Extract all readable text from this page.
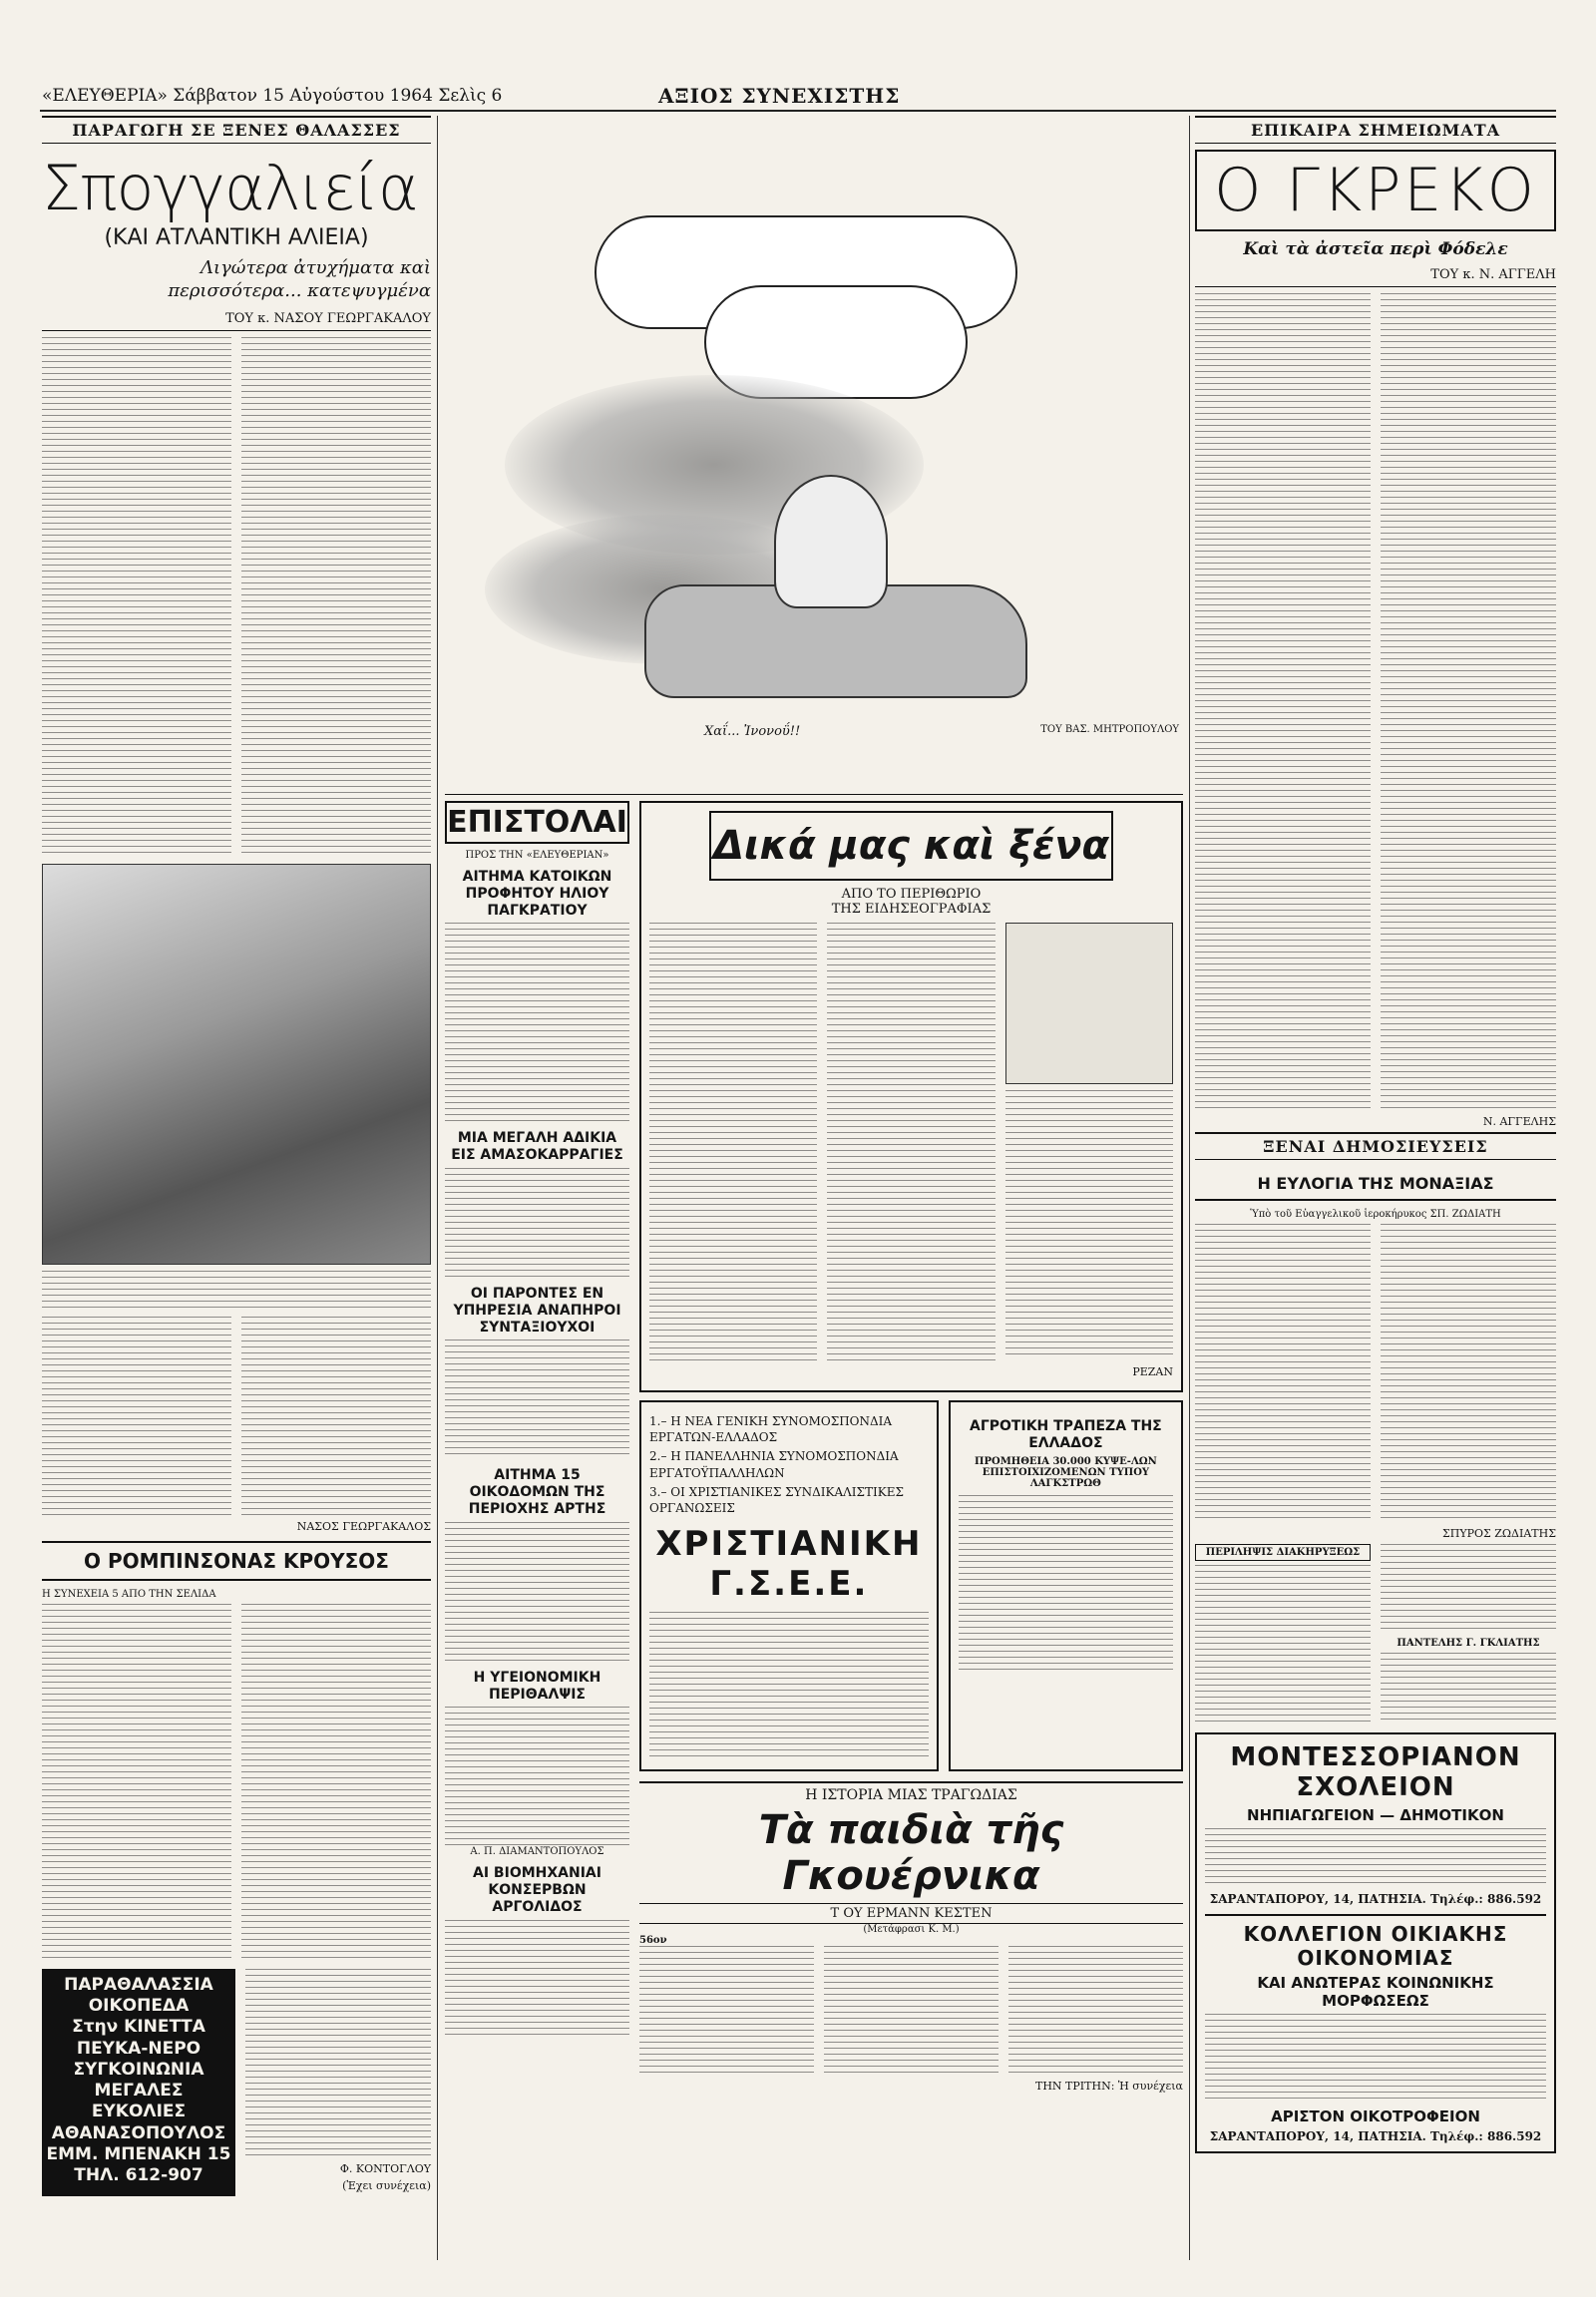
«ΕΛΕΥΘΕΡΙΑ» Σάββατον 15 Αὐγούστου 1964 Σελὶς 6	ΑΞΙΟΣ ΣΥΝΕΧΙΣΤΗΣ
ΠΑΡΑΓΩΓΗ ΣΕ ΞΕΝΕΣ ΘΑΛΑΣΣΕΣ
Σπογγαλιεία
(ΚΑΙ ΑΤΛΑΝΤΙΚΗ ΑΛΙΕΙΑ)
Λιγώτερα ἀτυχήματα καὶ περισσότερα... κατεψυγμένα
ΤΟΥ κ. ΝΑΣΟΥ ΓΕΩΡΓΑΚΑΛΟΥ
ΝΑΣΟΣ ΓΕΩΡΓΑΚΑΛΟΣ
Ο ΡΟΜΠΙΝΣΟΝΑΣ ΚΡΟΥΣΟΣ
Η ΣΥΝΕΧΕΙΑ 5 ΑΠΟ ΤΗΝ ΣΕΛΙΔΑ
ΠΑΡΑΘΑΛΑΣΣΙΑ
ΟΙΚΟΠΕΔΑ
Στην ΚΙΝΕΤΤΑ
ΠΕΥΚΑ-ΝΕΡΟ
ΣΥΓΚΟΙΝΩΝΙΑ
ΜΕΓΑΛΕΣ ΕΥΚΟΛΙΕΣ
ΑΘΑΝΑΣΟΠΟΥΛΟΣ
ΕΜΜ. ΜΠΕΝΑΚΗ 15
ΤΗΛ. 612-907	Φ. ΚΟΝΤΟΓΛΟΥ
(Ἐχει συνέχεια)
Χαΐ... Ἰνονοΰ!!	ΤΟΥ ΒΑΣ. ΜΗΤΡΟΠΟΥΛΟΥ
ΕΠΙΣΤΟΛΑΙ
ΠΡΟΣ ΤΗΝ «ΕΛΕΥΘΕΡΙΑΝ»
ΑΙΤΗΜΑ ΚΑΤΟΙΚΩΝ ΠΡΟΦΗΤΟΥ ΗΛΙΟΥ ΠΑΓΚΡΑΤΙΟΥ
ΜΙΑ ΜΕΓΑΛΗ ΑΔΙΚΙΑ ΕΙΣ ΑΜΑΣΟΚΑΡΡΑΓΙΕΣ
ΟΙ ΠΑΡΟΝΤΕΣ ΕΝ ΥΠΗΡΕΣΙΑ ΑΝΑΠΗΡΟΙ ΣΥΝΤΑΞΙΟΥΧΟΙ
ΑΙΤΗΜΑ 15 ΟΙΚΟΔΟΜΩΝ ΤΗΣ ΠΕΡΙΟΧΗΣ ΑΡΤΗΣ
Η ΥΓΕΙΟΝΟΜΙΚΗ ΠΕΡΙΘΑΛΨΙΣ
Α. Π. ΔΙΑΜΑΝΤΟΠΟΥΛΟΣ
ΑΙ ΒΙΟΜΗΧΑΝΙΑΙ ΚΟΝΣΕΡΒΩΝ ΑΡΓΟΛΙΔΟΣ
Δικά μας καὶ ξένα
ΑΠΟ ΤΟ ΠΕΡΙΘΩΡΙΟ
ΤΗΣ ΕΙΔΗΣΕΟΓΡΑΦΙΑΣ
ΡΕΖΑΝ
1.– Η ΝΕΑ ΓΕΝΙΚΗ ΣΥΝΟΜΟΣΠΟΝΔΙΑ ΕΡΓΑΤΩΝ-ΕΛΛΑΔΟΣ
2.– Η ΠΑΝΕΛΛΗΝΙΑ ΣΥΝΟΜΟΣΠΟΝΔΙΑ ΕΡΓΑΤΟΫΠΑΛΛΗΛΩΝ
3.– ΟΙ ΧΡΙΣΤΙΑΝΙΚΕΣ ΣΥΝΔΙΚΑΛΙΣΤΙΚΕΣ ΟΡΓΑΝΩΣΕΙΣ
ΧΡΙΣΤΙΑΝΙΚΗ Γ.Σ.Ε.Ε.
ΑΓΡΟΤΙΚΗ ΤΡΑΠΕΖΑ ΤΗΣ ΕΛΛΑΔΟΣ
ΠΡΟΜΗΘΕΙΑ 30.000 ΚΥΨΕ-ΛΩΝ ΕΠΙΣΤΟΙΧΙΖΟΜΕΝΩΝ ΤΥΠΟΥ ΛΑΓΚΣΤΡΩΘ
Η ΙΣΤΟΡΙΑ ΜΙΑΣ ΤΡΑΓΩΔΙΑΣ
Τὰ παιδιὰ τῆς Γκουέρνικα
Τ ΟΥ ΕΡΜΑΝΝ ΚΕΣΤΕΝ
(Μετάφρασι Κ. Μ.)
56ον
ΤΗΝ ΤΡΙΤΗΝ: Ἡ συνέχεια
ΕΠΙΚΑΙΡΑ ΣΗΜΕΙΩΜΑΤΑ
Ο ΓΚΡΕΚΟ
Καὶ τὰ ἀστεῖα περὶ Φόδελε
ΤΟΥ κ. Ν. ΑΓΓΕΛΗ
Ν. ΑΓΓΕΛΗΣ
ΞΕΝΑΙ ΔΗΜΟΣΙΕΥΣΕΙΣ
Η ΕΥΛΟΓΙΑ ΤΗΣ ΜΟΝΑΞΙΑΣ
Ὑπὸ τοῦ Εὐαγγελικοῦ ἱεροκήρυκος ΣΠ. ΖΩΔΙΑΤΗ
ΣΠΥΡΟΣ ΖΩΔΙΑΤΗΣ
ΠΕΡΙΛΗΨΙΣ ΔΙΑΚΗΡΥΞΕΩΣ
ΠΑΝΤΕΛΗΣ Γ. ΓΚΛΙΑΤΗΣ
ΜΟΝΤΕΣΣΟΡΙΑΝΟΝ ΣΧΟΛΕΙΟΝ
ΝΗΠΙΑΓΩΓΕΙΟΝ — ΔΗΜΟΤΙΚΟΝ
ΣΑΡΑΝΤΑΠΟΡΟΥ, 14, ΠΑΤΗΣΙΑ. Τηλέφ.: 886.592
ΚΟΛΛΕΓΙΟΝ ΟΙΚΙΑΚΗΣ ΟΙΚΟΝΟΜΙΑΣ
ΚΑΙ ΑΝΩΤΕΡΑΣ ΚΟΙΝΩΝΙΚΗΣ ΜΟΡΦΩΣΕΩΣ
ΑΡΙΣΤΟΝ ΟΙΚΟΤΡΟΦΕΙΟΝ
ΣΑΡΑΝΤΑΠΟΡΟΥ, 14, ΠΑΤΗΣΙΑ. Τηλέφ.: 886.592
